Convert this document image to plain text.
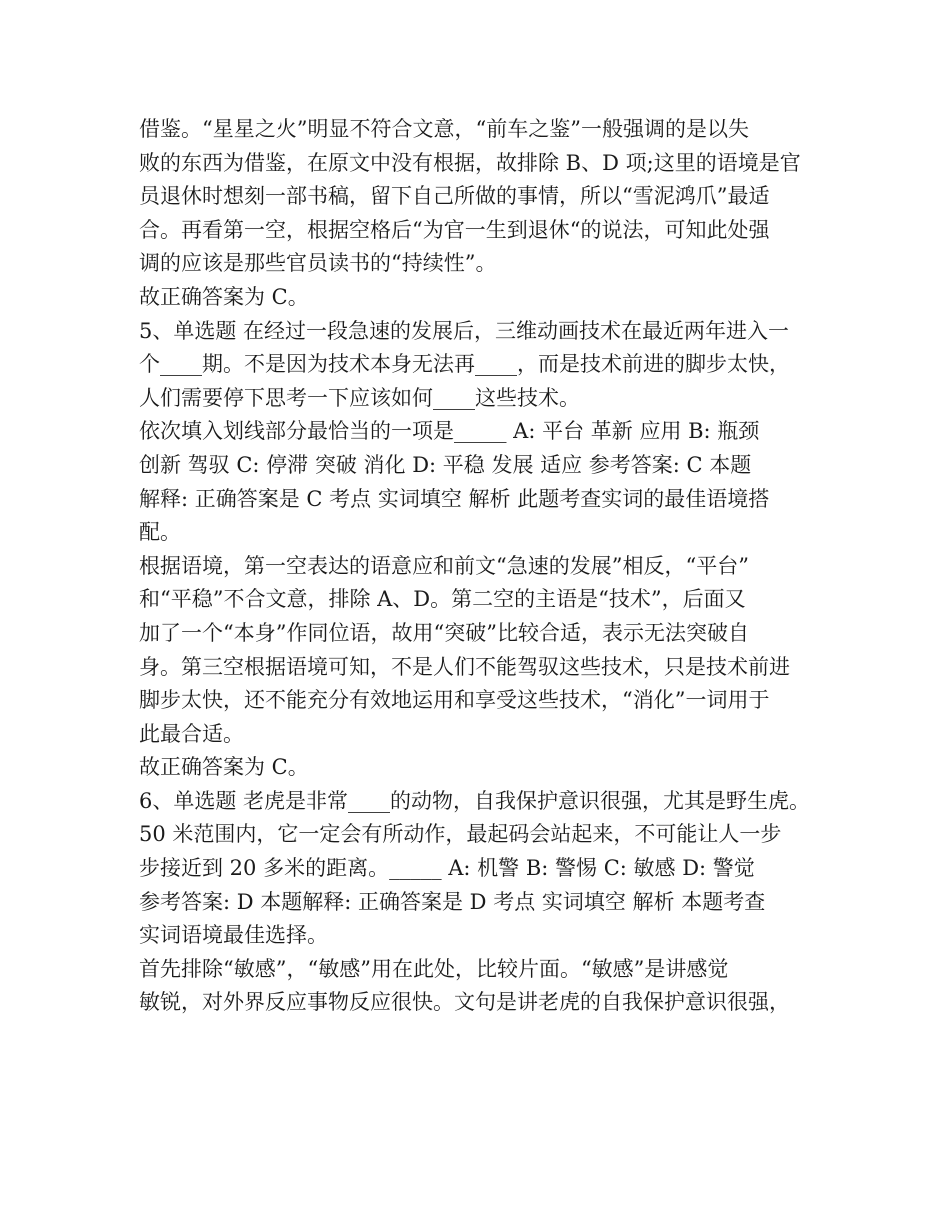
借鉴。“星星之火”明显不符合文意，“前车之鉴”一般强调的是以失
败的东西为借鉴，在原文中没有根据，故排除 B、D 项;这里的语境是官
员退休时想刻一部书稿，留下自己所做的事情，所以“雪泥鸿爪”最适
合。再看第一空，根据空格后“为官一生到退休“的说法，可知此处强
调的应该是那些官员读书的“持续性”。
故正确答案为 C。
5、单选题 在经过一段急速的发展后，三维动画技术在最近两年进入一
个____期。不是因为技术本身无法再____，而是技术前进的脚步太快，
人们需要停下思考一下应该如何____这些技术。
依次填入划线部分最恰当的一项是_____ A: 平台 革新 应用 B: 瓶颈
创新 驾驭 C: 停滞 突破 消化 D: 平稳 发展 适应 参考答案: C 本题
解释: 正确答案是 C 考点 实词填空 解析 此题考查实词的最佳语境搭
配。
根据语境，第一空表达的语意应和前文“急速的发展”相反，“平台”
和“平稳”不合文意，排除 A、D。第二空的主语是“技术”，后面又
加了一个“本身”作同位语，故用“突破”比较合适，表示无法突破自
身。第三空根据语境可知，不是人们不能驾驭这些技术，只是技术前进
脚步太快，还不能充分有效地运用和享受这些技术，“消化”一词用于
此最合适。
故正确答案为 C。
6、单选题 老虎是非常____的动物，自我保护意识很强，尤其是野生虎。
50 米范围内，它一定会有所动作，最起码会站起来，不可能让人一步
步接近到 20 多米的距离。_____ A: 机警 B: 警惕 C: 敏感 D: 警觉
参考答案: D 本题解释: 正确答案是 D 考点 实词填空 解析 本题考查
实词语境最佳选择。
首先排除“敏感”，“敏感”用在此处，比较片面。“敏感”是讲感觉
敏锐，对外界反应事物反应很快。文句是讲老虎的自我保护意识很强，
